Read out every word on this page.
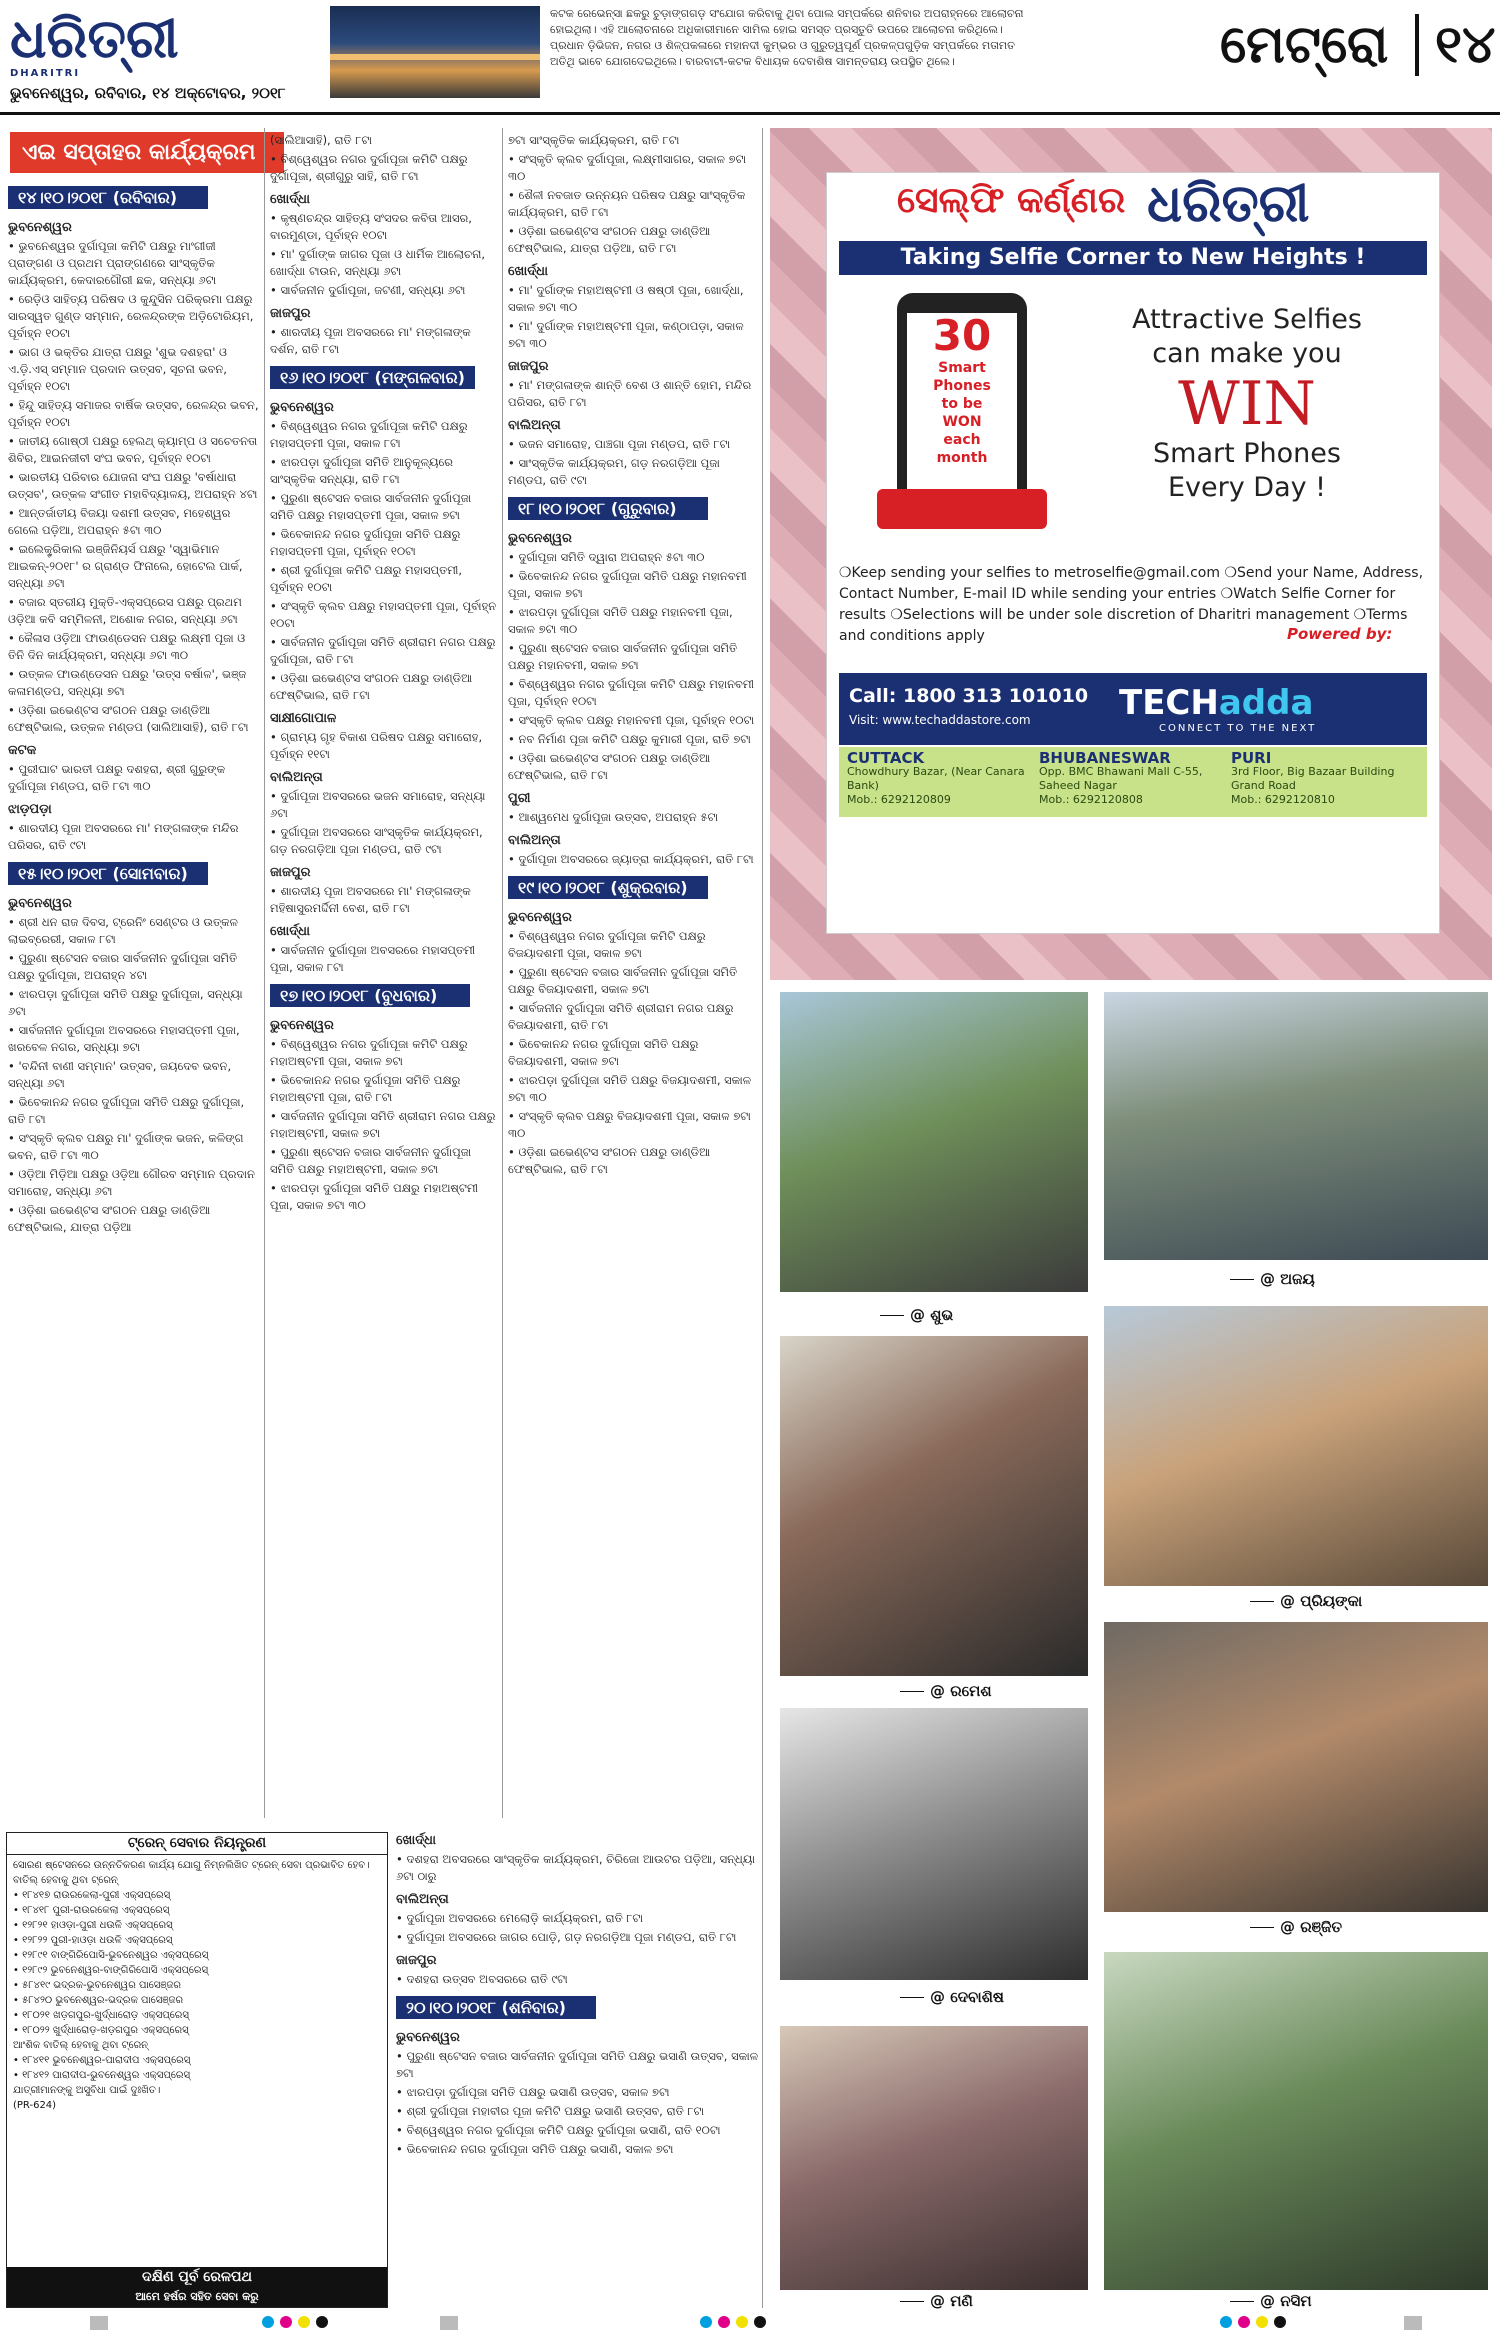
ଧରିତ୍ରୀ
DHARITRI
ଭୁବନେଶ୍ୱର, ରବିବାର, ୧୪ ଅକ୍ଟୋବର, ୨୦୧୮

କଟକ ରେଭେନ୍ସା ଛକରୁ ଚୁଡ଼ାଙ୍ଗଗଡ଼ ସଂଯୋଗ କରିବାକୁ ଥିବା ପୋଲ ସମ୍ପର୍କରେ ଶନିବାର ଅପରାହ୍ନରେ ଆଲୋଚନା

ହୋଇଥିଲା। ଏହି ଆଲୋଚନାରେ ଅଧିକାରୀମାନେ ସାମିଲ ହୋଇ ସମସ୍ତ ପ୍ରସ୍ତୁତି ଉପରେ ଆଲୋଚନା କରିଥିଲେ।

ପ୍ରଧାନ ଡ଼ିଭିଜନ, ନଗର ଓ ଶିଳ୍ପକଳାରେ ମହାନଦୀ କୁମ୍ଭର ଓ ଗୁରୁତ୍ୱପୂର୍ଣ ପ୍ରକଳ୍ପଗୁଡ଼ିକ ସମ୍ପର୍କରେ ମତାମତ

ଅତିଥି ଭାବେ ଯୋଗଦେଇଥିଲେ। ବାରବାଟୀ-କଟକ ବିଧାୟକ ଦେବାଶିଷ ସାମନ୍ତରାୟ ଉପସ୍ଥିତ ଥିଲେ।	ମେଟ୍ରୋ ୧୪
ଏଇ ସପ୍ତାହର କାର୍ଯ୍ୟକ୍ରମ
୧୪।୧୦।୨୦୧୮ (ରବିବାର)
ଭୁବନେଶ୍ୱର

• ଭୁବନେଶ୍ୱର ଦୁର୍ଗାପୂଜା କମିଟି ପକ୍ଷରୁ ମାଂଗୀଜୀ ପ୍ରାଙ୍ଗଣ ଓ ପ୍ରଥମ ପ୍ରାଙ୍ଗଣରେ ସାଂସ୍କୃତିକ କାର୍ଯ୍ୟକ୍ରମ, କେଦାରଗୌରୀ ଛକ, ସନ୍ଧ୍ୟା ୬ଟା

• ରେଡ଼ିଓ ସାହିତ୍ୟ ପରିଷଦ ଓ କୁନ୍ଦୁସିନ ପରିକ୍ରମା ପକ୍ଷରୁ ସାରସ୍ୱତ ଗୁଣ୍ଡ ସମ୍ମାନ, ରେଳନ୍ଦ୍ରଙ୍କ ଅଡ଼ିଟୋରିୟମ, ପୂର୍ବାହ୍ନ ୧୦ଟା

• ଭାଗ ଓ ଭକ୍ତିର ଯାତ୍ରା ପକ୍ଷରୁ 'ଶୁଭ ଦଶହରା' ଓ ଏ.ଡ଼ି.ଏସ୍ ସମ୍ମାନ ପ୍ରଦାନ ଉତ୍ସବ, ସୂଚନା ଭବନ, ପୂର୍ବାହ୍ନ ୧୦ଟା

• ହିନ୍ଦୁ ସାହିତ୍ୟ ସମାଜର ବାର୍ଷିକ ଉତ୍ସବ, ରେଳନ୍ଦ୍ର ଭବନ, ପୂର୍ବାହ୍ନ ୧୦ଟା

• ଜାତୀୟ ଗୋଷ୍ଠୀ ପକ୍ଷରୁ ହେଲଥ୍ କ୍ୟାମ୍ପ ଓ ସଚେତନତା ଶିବିର, ଆଇନଜୀବୀ ସଂଘ ଭବନ, ପୂର୍ବାହ୍ନ ୧୦ଟା

• ଭାରତୀୟ ପରିବାର ଯୋଜନା ସଂଘ ପକ୍ଷରୁ 'ବର୍ଷାଧାରା ଉତ୍ସବ', ଉତ୍କଳ ସଂଗୀତ ମହାବିଦ୍ୟାଳୟ, ଅପରାହ୍ନ ୪ଟା

• ଆନ୍ତର୍ଜାତୀୟ ବିଜୟା ଦଶମୀ ଉତ୍ସବ, ମହେଶ୍ୱର ଗେଲେ ପଡ଼ିଆ, ଅପରାହ୍ନ ୫ଟା ୩୦

• ଇଲେକ୍ଟ୍ରିକାଲ ଇଞ୍ଜିନିୟର୍ସ ପକ୍ଷରୁ 'ସ୍ୱାଭିମାନ ଆଇକନ୍-୨୦୧୮' ର ଗ୍ରାଣ୍ଡ ଫିନାଲେ, ହୋଟେଲ ପାର୍କ, ସନ୍ଧ୍ୟା ୬ଟା

• ବଜାର ସ୍ତରୀୟ ମୁକ୍ତି-ଏକ୍ସପ୍ରେସ ପକ୍ଷରୁ ପ୍ରଥମ ଓଡ଼ିଆ କବି ସମ୍ମିଳନୀ, ଅଶୋକ ନଗର, ସନ୍ଧ୍ୟା ୬ଟା

• କୈଳାସ ଓଡ଼ିଆ ଫାଉଣ୍ଡେସନ ପକ୍ଷରୁ ଲକ୍ଷ୍ମୀ ପୂଜା ଓ ତିନି ଦିନ କାର୍ଯ୍ୟକ୍ରମ, ସନ୍ଧ୍ୟା ୬ଟା ୩୦

• ଉତ୍କଳ ଫାଉଣ୍ଡେସନ ପକ୍ଷରୁ 'ଉତ୍ସ ବର୍ଷାଳ', ଭଞ୍ଜ କଳାମଣ୍ଡପ, ସନ୍ଧ୍ୟା ୭ଟା

• ଓଡ଼ିଶା ଇଭେଣ୍ଟସ ସଂଗଠନ ପକ୍ଷରୁ ଡାଣ୍ଡିଆ ଫେଷ୍ଟିଭାଲ, ଉତ୍କଳ ମଣ୍ଡପ (ସାଲିଆସାହି), ରାତି ୮ଟା

କଟକ

• ପୁରୀଘାଟ ଭାରତୀ ପକ୍ଷରୁ ଦଶହରା, ଶ୍ରୀ ଗୁରୁଙ୍କ ଦୁର୍ଗାପୂଜା ମଣ୍ଡପ, ରାତି ୮ଟା ୩୦

ଝାଡ଼ପଡ଼ା

• ଶାରଦୀୟ ପୂଜା ଅବସରରେ ମା' ମଙ୍ଗଳାଙ୍କ ମନ୍ଦିର ପରିସର, ରାତି ୯ଟା

୧୫।୧୦।୨୦୧୮ (ସୋମବାର)
ଭୁବନେଶ୍ୱର

• ଶ୍ରୀ ଧନ ରାଜ ଦିବସ, ଟ୍ରେନିଂ ସେଣ୍ଟର ଓ ଉତ୍କଳ ଲାଇବ୍ରେରୀ, ସକାଳ ୮ଟା

• ପୁରୁଣା ଷ୍ଟେସନ ବଜାର ସାର୍ବଜନୀନ ଦୁର୍ଗାପୂଜା ସମିତି ପକ୍ଷରୁ ଦୁର୍ଗାପୂଜା, ଅପରାହ୍ନ ୪ଟା

• ଝାରପଡ଼ା ଦୁର୍ଗାପୂଜା ସମିତି ପକ୍ଷରୁ ଦୁର୍ଗାପୂଜା, ସନ୍ଧ୍ୟା ୬ଟା

• ସାର୍ବଜନୀନ ଦୁର୍ଗାପୂଜା ଅବସରରେ ମହାସପ୍ତମୀ ପୂଜା, ଖରବେଳ ନଗର, ସନ୍ଧ୍ୟା ୭ଟା

• 'ବନ୍ଦିନୀ ବାଣୀ ସମ୍ମାନ' ଉତ୍ସବ, ଜୟଦେବ ଭବନ, ସନ୍ଧ୍ୟା ୬ଟା

• ଭିବେକାନନ୍ଦ ନଗର ଦୁର୍ଗାପୂଜା ସମିତି ପକ୍ଷରୁ ଦୁର୍ଗାପୂଜା, ରାତି ୮ଟା

• ସଂସ୍କୃତି କ୍ଲବ ପକ୍ଷରୁ ମା' ଦୁର୍ଗାଙ୍କ ଭଜନ, କଳିଙ୍ଗ ଭବନ, ରାତି ୮ଟା ୩୦

• ଓଡ଼ିଆ ମିଡ଼ିଆ ପକ୍ଷରୁ ଓଡ଼ିଆ ଗୌରବ ସମ୍ମାନ ପ୍ରଦାନ ସମାରୋହ, ସନ୍ଧ୍ୟା ୬ଟା

• ଓଡ଼ିଶା ଇଭେଣ୍ଟସ ସଂଗଠନ ପକ୍ଷରୁ ଡାଣ୍ଡିଆ ଫେଷ୍ଟିଭାଲ, ଯାତ୍ରା ପଡ଼ିଆ

(ସାଲିଆସାହି), ରାତି ୮ଟା

• ବିଶ୍ୱେଶ୍ୱର ନଗର ଦୁର୍ଗାପୂଜା କମିଟି ପକ୍ଷରୁ ଦୁର୍ଗାପୂଜା, ଶ୍ରୀଗୁରୁ ସାହି, ରାତି ୮ଟା

ଖୋର୍ଦ୍ଧା

• କୃଷ୍ଣଚନ୍ଦ୍ର ସାହିତ୍ୟ ସଂସଦର କବିତା ଆସର, ବାରମୁଣ୍ଡା, ପୂର୍ବାହ୍ନ ୧୦ଟା

• ମା' ଦୁର୍ଗାଙ୍କ ଜାଗର ପୂଜା ଓ ଧାର୍ମିକ ଆଲୋଚନା, ଖୋର୍ଦ୍ଧା ଟାଉନ, ସନ୍ଧ୍ୟା ୬ଟା

• ସାର୍ବଜନୀନ ଦୁର୍ଗାପୂଜା, ଜଟଣୀ, ସନ୍ଧ୍ୟା ୬ଟା

ଜାଜପୁର

• ଶାରଦୀୟ ପୂଜା ଅବସରରେ ମା' ମଙ୍ଗଳାଙ୍କ ଦର୍ଶନ, ରାତି ୮ଟା

୧୬।୧୦।୨୦୧୮ (ମଙ୍ଗଳବାର)
ଭୁବନେଶ୍ୱର

• ବିଶ୍ୱେଶ୍ୱର ନଗର ଦୁର୍ଗାପୂଜା କମିଟି ପକ୍ଷରୁ ମହାସପ୍ତମୀ ପୂଜା, ସକାଳ ୮ଟା

• ଝାରପଡ଼ା ଦୁର୍ଗାପୂଜା ସମିତି ଆନୁକୂଳ୍ୟରେ ସାଂସ୍କୃତିକ ସନ୍ଧ୍ୟା, ରାତି ୮ଟା

• ପୁରୁଣା ଷ୍ଟେସନ ବଜାର ସାର୍ବଜନୀନ ଦୁର୍ଗାପୂଜା ସମିତି ପକ୍ଷରୁ ମହାସପ୍ତମୀ ପୂଜା, ସକାଳ ୭ଟା

• ଭିବେକାନନ୍ଦ ନଗର ଦୁର୍ଗାପୂଜା ସମିତି ପକ୍ଷରୁ ମହାସପ୍ତମୀ ପୂଜା, ପୂର୍ବାହ୍ନ ୧୦ଟା

• ଶ୍ରୀ ଦୁର୍ଗାପୂଜା କମିଟି ପକ୍ଷରୁ ମହାସପ୍ତମୀ, ପୂର୍ବାହ୍ନ ୧୦ଟା

• ସଂସ୍କୃତି କ୍ଲବ ପକ୍ଷରୁ ମହାସପ୍ତମୀ ପୂଜା, ପୂର୍ବାହ୍ନ ୧୦ଟା

• ସାର୍ବଜନୀନ ଦୁର୍ଗାପୂଜା ସମିତି ଶ୍ରୀରାମ ନଗର ପକ୍ଷରୁ ଦୁର୍ଗାପୂଜା, ରାତି ୮ଟା

• ଓଡ଼ିଶା ଇଭେଣ୍ଟସ ସଂଗଠନ ପକ୍ଷରୁ ଡାଣ୍ଡିଆ ଫେଷ୍ଟିଭାଲ, ରାତି ୮ଟା

ସାକ୍ଷୀଗୋପାଳ

• ଗ୍ରାମ୍ୟ ଗୃହ ବିକାଶ ପରିଷଦ ପକ୍ଷରୁ ସମାରୋହ, ପୂର୍ବାହ୍ନ ୧୧ଟା

ବାଲିଅନ୍ତା

• ଦୁର୍ଗାପୂଜା ଅବସରରେ ଭଜନ ସମାରୋହ, ସନ୍ଧ୍ୟା ୬ଟା

• ଦୁର୍ଗାପୂଜା ଅବସରରେ ସାଂସ୍କୃତିକ କାର୍ଯ୍ୟକ୍ରମ, ଗଡ଼ ନରଗଡ଼ିଆ ପୂଜା ମଣ୍ଡପ, ରାତି ୯ଟା

ଜାଜପୁର

• ଶାରଦୀୟ ପୂଜା ଅବସରରେ ମା' ମଙ୍ଗଳାଙ୍କ ମହିଷାସୁରମର୍ଦ୍ଦିନୀ ବେଶ, ରାତି ୮ଟା

ଖୋର୍ଦ୍ଧା

• ସାର୍ବଜନୀନ ଦୁର୍ଗାପୂଜା ଅବସରରେ ମହାସପ୍ତମୀ ପୂଜା, ସକାଳ ୮ଟା

୧୭।୧୦।୨୦୧୮ (ବୁଧବାର)
ଭୁବନେଶ୍ୱର

• ବିଶ୍ୱେଶ୍ୱର ନଗର ଦୁର୍ଗାପୂଜା କମିଟି ପକ୍ଷରୁ ମହାଅଷ୍ଟମୀ ପୂଜା, ସକାଳ ୭ଟା

• ଭିବେକାନନ୍ଦ ନଗର ଦୁର୍ଗାପୂଜା ସମିତି ପକ୍ଷରୁ ମହାଅଷ୍ଟମୀ ପୂଜା, ରାତି ୮ଟା

• ସାର୍ବଜନୀନ ଦୁର୍ଗାପୂଜା ସମିତି ଶ୍ରୀରାମ ନଗର ପକ୍ଷରୁ ମହାଅଷ୍ଟମୀ, ସକାଳ ୭ଟା

• ପୁରୁଣା ଷ୍ଟେସନ ବଜାର ସାର୍ବଜନୀନ ଦୁର୍ଗାପୂଜା ସମିତି ପକ୍ଷରୁ ମହାଅଷ୍ଟମୀ, ସକାଳ ୭ଟା

• ଝାରପଡ଼ା ଦୁର୍ଗାପୂଜା ସମିତି ପକ୍ଷରୁ ମହାଅଷ୍ଟମୀ ପୂଜା, ସକାଳ ୭ଟା ୩୦

୭ଟା ସାଂସ୍କୃତିକ କାର୍ଯ୍ୟକ୍ରମ, ରାତି ୮ଟା

• ସଂସ୍କୃତି କ୍ଲବ ଦୁର୍ଗାପୂଜା, ଲକ୍ଷ୍ମୀସାଗର, ସକାଳ ୭ଟା ୩୦

• ଶୈଳୀ ନବଜାତ ଉନ୍ନୟନ ପରିଷଦ ପକ୍ଷରୁ ସାଂସ୍କୃତିକ କାର୍ଯ୍ୟକ୍ରମ, ରାତି ୮ଟା

• ଓଡ଼ିଶା ଇଭେଣ୍ଟସ ସଂଗଠନ ପକ୍ଷରୁ ଡାଣ୍ଡିଆ ଫେଷ୍ଟିଭାଲ, ଯାତ୍ରା ପଡ଼ିଆ, ରାତି ୮ଟା

ଖୋର୍ଦ୍ଧା

• ମା' ଦୁର୍ଗାଙ୍କ ମହାଅଷ୍ଟମୀ ଓ ଷଷ୍ଠୀ ପୂଜା, ଖୋର୍ଦ୍ଧା, ସକାଳ ୭ଟା ୩୦

• ମା' ଦୁର୍ଗାଙ୍କ ମହାଅଷ୍ଟମୀ ପୂଜା, କଣ୍ଠାପଡ଼ା, ସକାଳ ୭ଟା ୩୦

ଜାଜପୁର

• ମା' ମଙ୍ଗଳାଙ୍କ ଶାନ୍ତି ବେଶ ଓ ଶାନ୍ତି ହୋମ, ମନ୍ଦିର ପରିସର, ରାତି ୮ଟା

ବାଲିଅନ୍ତା

• ଭଜନ ସମାରୋହ, ପାଞ୍ଚଗା ପୂଜା ମଣ୍ଡପ, ରାତି ୮ଟା

• ସାଂସ୍କୃତିକ କାର୍ଯ୍ୟକ୍ରମ, ଗଡ଼ ନରଗଡ଼ିଆ ପୂଜା ମଣ୍ଡପ, ରାତି ୯ଟା

୧୮।୧୦।୨୦୧୮ (ଗୁରୁବାର)
ଭୁବନେଶ୍ୱର

• ଦୁର୍ଗାପୂଜା ସମିତି ଦ୍ୱାରା ଅପରାହ୍ନ ୫ଟା ୩୦

• ଭିବେକାନନ୍ଦ ନଗର ଦୁର୍ଗାପୂଜା ସମିତି ପକ୍ଷରୁ ମହାନବମୀ ପୂଜା, ସକାଳ ୭ଟା

• ଝାରପଡ଼ା ଦୁର୍ଗାପୂଜା ସମିତି ପକ୍ଷରୁ ମହାନବମୀ ପୂଜା, ସକାଳ ୭ଟା ୩୦

• ପୁରୁଣା ଷ୍ଟେସନ ବଜାର ସାର୍ବଜନୀନ ଦୁର୍ଗାପୂଜା ସମିତି ପକ୍ଷରୁ ମହାନବମୀ, ସକାଳ ୭ଟା

• ବିଶ୍ୱେଶ୍ୱର ନଗର ଦୁର୍ଗାପୂଜା କମିଟି ପକ୍ଷରୁ ମହାନବମୀ ପୂଜା, ପୂର୍ବାହ୍ନ ୧୦ଟା

• ସଂସ୍କୃତି କ୍ଲବ ପକ୍ଷରୁ ମହାନବମୀ ପୂଜା, ପୂର୍ବାହ୍ନ ୧୦ଟା

• ନବ ନିର୍ମାଣ ପୂଜା କମିଟି ପକ୍ଷରୁ କୁମାରୀ ପୂଜା, ରାତି ୭ଟା

• ଓଡ଼ିଶା ଇଭେଣ୍ଟସ ସଂଗଠନ ପକ୍ଷରୁ ଡାଣ୍ଡିଆ ଫେଷ୍ଟିଭାଲ, ରାତି ୮ଟା

ପୁରୀ

• ଆଶ୍ୱମେଧ ଦୁର୍ଗାପୂଜା ଉତ୍ସବ, ଅପରାହ୍ନ ୫ଟା

ବାଲିଅନ୍ତା

• ଦୁର୍ଗାପୂଜା ଅବସରରେ ଜ୍ୟାତ୍ରା କାର୍ଯ୍ୟକ୍ରମ, ରାତି ୮ଟା

୧୯।୧୦।୨୦୧୮ (ଶୁକ୍ରବାର)
ଭୁବନେଶ୍ୱର

• ବିଶ୍ୱେଶ୍ୱର ନଗର ଦୁର୍ଗାପୂଜା କମିଟି ପକ୍ଷରୁ ବିଜୟାଦଶମୀ ପୂଜା, ସକାଳ ୭ଟା

• ପୁରୁଣା ଷ୍ଟେସନ ବଜାର ସାର୍ବଜନୀନ ଦୁର୍ଗାପୂଜା ସମିତି ପକ୍ଷରୁ ବିଜୟାଦଶମୀ, ସକାଳ ୭ଟା

• ସାର୍ବଜନୀନ ଦୁର୍ଗାପୂଜା ସମିତି ଶ୍ରୀରାମ ନଗର ପକ୍ଷରୁ ବିଜୟାଦଶମୀ, ରାତି ୮ଟା

• ଭିବେକାନନ୍ଦ ନଗର ଦୁର୍ଗାପୂଜା ସମିତି ପକ୍ଷରୁ ବିଜୟାଦଶମୀ, ସକାଳ ୭ଟା

• ଝାରପଡ଼ା ଦୁର୍ଗାପୂଜା ସମିତି ପକ୍ଷରୁ ବିଜୟାଦଶମୀ, ସକାଳ ୭ଟା ୩୦

• ସଂସ୍କୃତି କ୍ଲବ ପକ୍ଷରୁ ବିଜୟାଦଶମୀ ପୂଜା, ସକାଳ ୭ଟା ୩୦

• ଓଡ଼ିଶା ଇଭେଣ୍ଟସ ସଂଗଠନ ପକ୍ଷରୁ ଡାଣ୍ଡିଆ ଫେଷ୍ଟିଭାଲ, ରାତି ୮ଟା

ଖୋର୍ଦ୍ଧା

• ଦଶହରା ଅବସରରେ ସାଂସ୍କୃତିକ କାର୍ଯ୍ୟକ୍ରମ, ଚିରିଜୋ ଆଉଟର ପଡ଼ିଆ, ସନ୍ଧ୍ୟା ୬ଟା ଠାରୁ

ବାଲିଅନ୍ତା

• ଦୁର୍ଗାପୂଜା ଅବସରରେ ମେଲୋଡ଼ି କାର୍ଯ୍ୟକ୍ରମ, ରାତି ୮ଟା

• ଦୁର୍ଗାପୂଜା ଅବସରରେ ଜାଗର ପୋଡ଼ି, ଗଡ଼ ନରଗଡ଼ିଆ ପୂଜା ମଣ୍ଡପ, ରାତି ୮ଟା

ଜାଜପୁର

• ଦଶହରା ଉତ୍ସବ ଅବସରରେ ରାତି ୯ଟା

୨୦।୧୦।୨୦୧୮ (ଶନିବାର)
ଭୁବନେଶ୍ୱର

• ପୁରୁଣା ଷ୍ଟେସନ ବଜାର ସାର୍ବଜନୀନ ଦୁର୍ଗାପୂଜା ସମିତି ପକ୍ଷରୁ ଭସାଣି ଉତ୍ସବ, ସକାଳ ୭ଟା

• ଝାରପଡ଼ା ଦୁର୍ଗାପୂଜା ସମିତି ପକ୍ଷରୁ ଭସାଣି ଉତ୍ସବ, ସକାଳ ୭ଟା

• ଶ୍ରୀ ଦୁର୍ଗାପୂଜା ମହାବୀର ପୂଜା କମିଟି ପକ୍ଷରୁ ଭସାଣି ଉତ୍ସବ, ରାତି ୮ଟା

• ବିଶ୍ୱେଶ୍ୱର ନଗର ଦୁର୍ଗାପୂଜା କମିଟି ପକ୍ଷରୁ ଦୁର୍ଗାପୂଜା ଭସାଣି, ରାତି ୧୦ଟା

• ଭିବେକାନନ୍ଦ ନଗର ଦୁର୍ଗାପୂଜା ସମିତି ପକ୍ଷରୁ ଭସାଣି, ସକାଳ ୭ଟା

ସେଲ୍ଫି କର୍ଣ୍ଣର ଧରିତ୍ରୀ
Taking Selfie Corner to New Heights !
30
Smart
Phones
to be
WON
each
month
Attractive Selfies
can make you
WIN
Smart Phones
Every Day !
❍Keep sending your selfies to metroselfie@gmail.com ❍Send your Name, Address, Contact Number, E-mail ID while sending your entries ❍Watch Selfie Corner for results ❍Selections will be under sole discretion of Dharitri management ❍Terms and conditions apply	Powered by:
Call: 1800 313 101010
Visit: www.techaddastore.com	TECHadda
CONNECT TO THE NEXT
CUTTACK
Chowdhury Bazar, (Near Canara Bank)
Mob.: 6292120809
BHUBANESWAR
Opp. BMC Bhawani Mall C-55, Saheed Nagar
Mob.: 6292120808
PURI
3rd Floor, Big Bazaar Building Grand Road
Mob.: 6292120810
@ ଶୁଭ
@ ଅଜୟ
@ ରମେଶ
@ ପ୍ରିୟଙ୍କା
@ ଦେବାଶିଷ
@ ରଞ୍ଜିତ
@ ମଣି	@ ନସିମ
ଟ୍ରେନ୍ ସେବାର ନିୟନ୍ତ୍ରଣ

ସୋରଣ ଷ୍ଟେସନରେ ଉନ୍ନତିକରଣ କାର୍ଯ୍ୟ ଯୋଗୁ ନିମ୍ନଲିଖିତ ଟ୍ରେନ୍ ସେବା ପ୍ରଭାବିତ ହେବ।

ବାତିଲ୍ ହେବାକୁ ଥିବା ଟ୍ରେନ୍

• ୧୮୪୧୭ ରାଉରକେଲା-ପୁରୀ ଏକ୍ସପ୍ରେସ୍

• ୧୮୪୧୮ ପୁରୀ-ରାଉରକେଲା ଏକ୍ସପ୍ରେସ୍

• ୧୨୮୨୧ ହାଓଡ଼ା-ପୁରୀ ଧଉଳି ଏକ୍ସପ୍ରେସ୍

• ୧୨୮୨୨ ପୁରୀ-ହାଓଡ଼ା ଧଉଳି ଏକ୍ସପ୍ରେସ୍

• ୧୨୮୯୧ ବାଙ୍ଗିରିପୋସି-ଭୁବନେଶ୍ୱର ଏକ୍ସପ୍ରେସ୍

• ୧୨୮୯୨ ଭୁବନେଶ୍ୱର-ବାଙ୍ଗିରିପୋସି ଏକ୍ସପ୍ରେସ୍

• ୫୮୪୧୯ ଭଦ୍ରକ-ଭୁବନେଶ୍ୱର ପାସେଞ୍ଜର

• ୫୮୪୨୦ ଭୁବନେଶ୍ୱର-ଭଦ୍ରକ ପାସେଞ୍ଜର

• ୧୮୦୨୧ ଖଡ଼ଗପୁର-ଖୁର୍ଦ୍ଧାରୋଡ଼ ଏକ୍ସପ୍ରେସ୍

• ୧୮୦୨୨ ଖୁର୍ଦ୍ଧାରୋଡ଼-ଖଡ଼ଗପୁର ଏକ୍ସପ୍ରେସ୍

ଆଂଶିକ ବାତିଲ୍ ହେବାକୁ ଥିବା ଟ୍ରେନ୍

• ୧୮୪୧୧ ଭୁବନେଶ୍ୱର-ପାରାଦୀପ ଏକ୍ସପ୍ରେସ୍

• ୧୮୪୧୨ ପାରାଦୀପ-ଭୁବନେଶ୍ୱର ଏକ୍ସପ୍ରେସ୍

ଯାତ୍ରୀମାନଙ୍କୁ ଅସୁବିଧା ପାଇଁ ଦୁଃଖିତ।

(PR-624)

ଦକ୍ଷିଣ ପୂର୍ବ ରେଳପଥ
ଆମେ ହର୍ଷର ସହିତ ସେବା କରୁ
